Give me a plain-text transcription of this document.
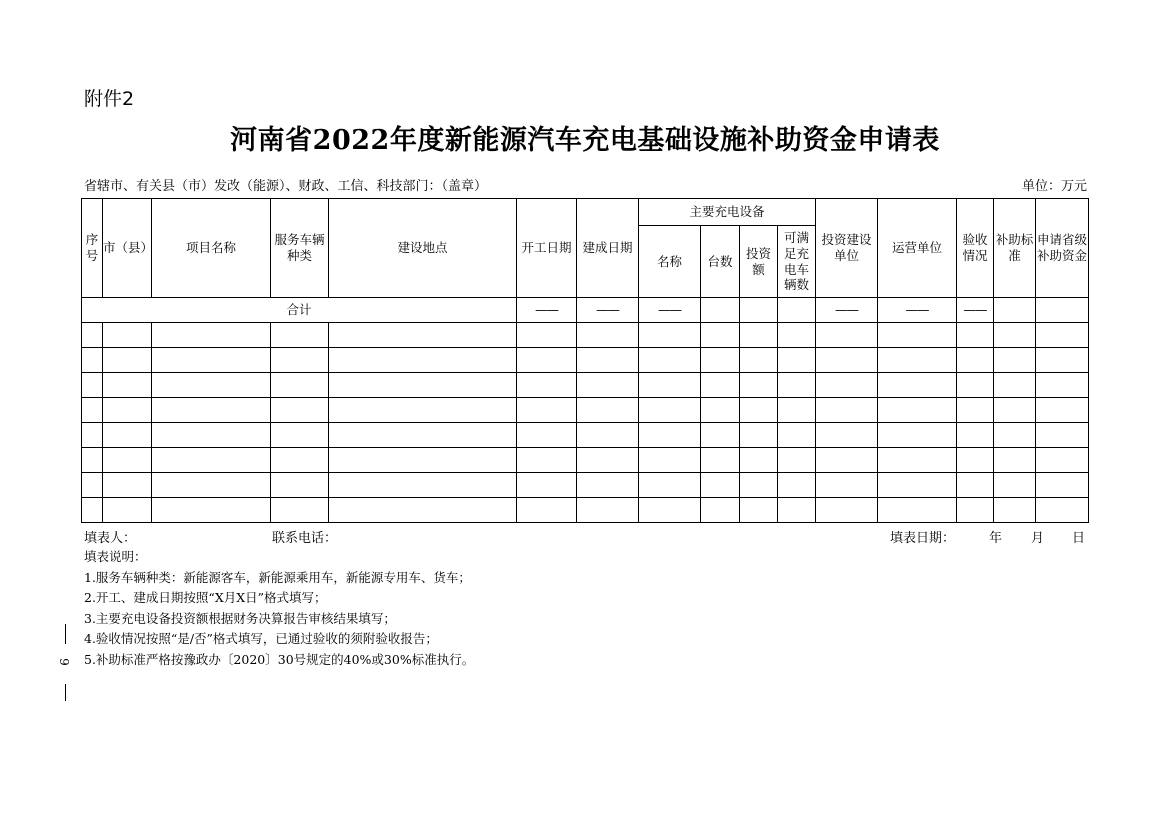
附件2
河南省2022年度新能源汽车充电基础设施补助资金申请表
省辖市、有关县（市）发改（能源）、财政、工信、科技部门：（盖章）	单位：万元
序号	市（县）	项目名称	服务车辆种类	建设地点	开工日期	建成日期	主要充电设备				投资建设单位	运营单位	验收情况	补助标准	申请省级补助资金
							名称	台数	投资额	可满足充电车辆数					
合计					——	——	——				——	——	——		

填表人：	联系电话：	填表日期：	年 月 日
填表说明：
1.服务车辆种类：新能源客车，新能源乘用车，新能源专用车、货车；
2.开工、建成日期按照“X月X日”格式填写；
3.主要充电设备投资额根据财务决算报告审核结果填写；
4.验收情况按照“是/否”格式填写，已通过验收的须附验收报告；
5.补助标准严格按豫政办〔2020〕30号规定的40%或30%标准执行。
9
